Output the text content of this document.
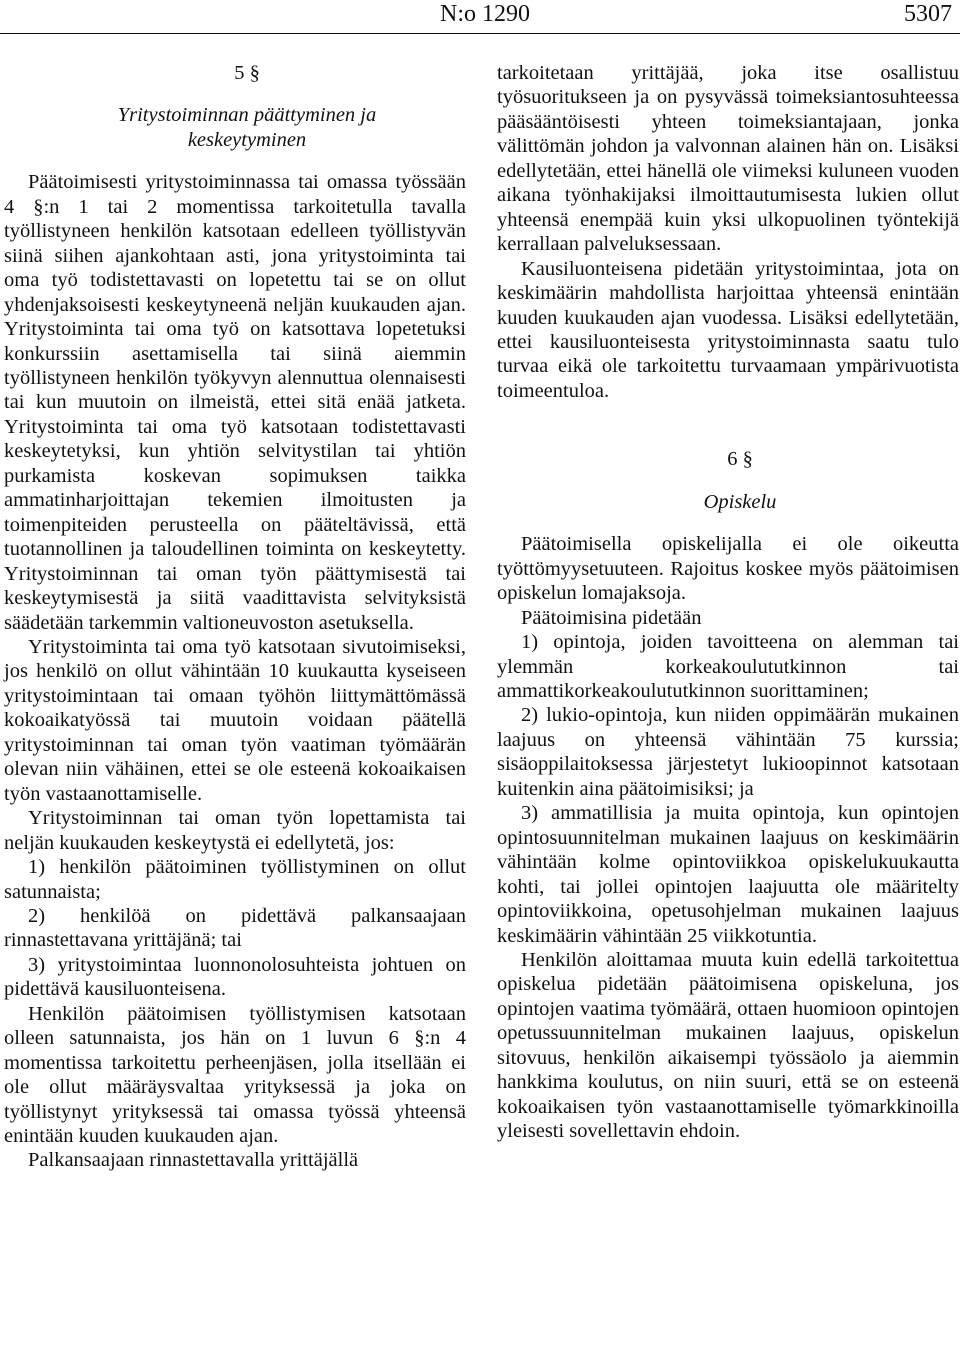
N:o 1290	5307

5 §

Yritystoiminnan päättyminen ja

keskeytyminen

Päätoimisesti yritystoiminnassa tai omassa työssään 4 §:n 1 tai 2 momentissa tarkoitetulla tavalla työllistyneen henkilön katsotaan edelleen työllistyvän siinä siihen ajankohtaan asti, jona yritystoiminta tai oma työ todistettavasti on lopetettu tai se on ollut yhdenjaksoisesti keskeytyneenä neljän kuukauden ajan. Yritystoiminta tai oma työ on katsottava lopetetuksi konkurssiin asettamisella tai siinä aiemmin työllistyneen henkilön työkyvyn alennuttua olennaisesti tai kun muutoin on ilmeistä, ettei sitä enää jatketa. Yritystoiminta tai oma työ katsotaan todistettavasti keskeytetyksi, kun yhtiön selvitystilan tai yhtiön purkamista koskevan sopimuksen taikka ammatinharjoittajan tekemien ilmoitusten ja toimenpiteiden perusteella on pääteltävissä, että tuotannollinen ja taloudellinen toiminta on keskeytetty. Yritystoiminnan tai oman työn päättymisestä tai keskeytymisestä ja siitä vaadittavista selvityksistä säädetään tarkemmin valtioneuvoston asetuksella.

Yritystoiminta tai oma työ katsotaan sivutoimiseksi, jos henkilö on ollut vähintään 10 kuukautta kyseiseen yritystoimintaan tai omaan työhön liittymättömässä kokoaikatyössä tai muutoin voidaan päätellä yritystoiminnan tai oman työn vaatiman työmäärän olevan niin vähäinen, ettei se ole esteenä kokoaikaisen työn vastaanottamiselle.

Yritystoiminnan tai oman työn lopettamista tai neljän kuukauden keskeytystä ei edellytetä, jos:

1) henkilön päätoiminen työllistyminen on ollut satunnaista;

2) henkilöä on pidettävä palkansaajaan rinnastettavana yrittäjänä; tai

3) yritystoimintaa luonnonolosuhteista johtuen on pidettävä kausiluonteisena.

Henkilön päätoimisen työllistymisen katsotaan olleen satunnaista, jos hän on 1 luvun 6 §:n 4 momentissa tarkoitettu perheenjäsen, jolla itsellään ei ole ollut määräysvaltaa yrityksessä ja joka on työllistynyt yrityksessä tai omassa työssä yhteensä enintään kuuden kuukauden ajan.

Palkansaajaan rinnastettavalla yrittäjällä

tarkoitetaan yrittäjää, joka itse osallistuu työsuoritukseen ja on pysyvässä toimeksiantosuhteessa pääsääntöisesti yhteen toimeksiantajaan, jonka välittömän johdon ja valvonnan alainen hän on. Lisäksi edellytetään, ettei hänellä ole viimeksi kuluneen vuoden aikana työnhakijaksi ilmoittautumisesta lukien ollut yhteensä enempää kuin yksi ulkopuolinen työntekijä kerrallaan palveluksessaan.

Kausiluonteisena pidetään yritystoimintaa, jota on keskimäärin mahdollista harjoittaa yhteensä enintään kuuden kuukauden ajan vuodessa. Lisäksi edellytetään, ettei kausiluonteisesta yritystoiminnasta saatu tulo turvaa eikä ole tarkoitettu turvaamaan ympärivuotista toimeentuloa.

6 §

Opiskelu

Päätoimisella opiskelijalla ei ole oikeutta työttömyysetuuteen. Rajoitus koskee myös päätoimisen opiskelun lomajaksoja.

Päätoimisina pidetään

1) opintoja, joiden tavoitteena on alemman tai ylemmän korkeakoulututkinnon tai ammattikorkeakoulututkinnon suorittaminen;

2) lukio-opintoja, kun niiden oppimäärän mukainen laajuus on yhteensä vähintään 75 kurssia; sisäoppilaitoksessa järjestetyt lukioopinnot katsotaan kuitenkin aina päätoimisiksi; ja

3) ammatillisia ja muita opintoja, kun opintojen opintosuunnitelman mukainen laajuus on keskimäärin vähintään kolme opintoviikkoa opiskelukuukautta kohti, tai jollei opintojen laajuutta ole määritelty opintoviikkoina, opetusohjelman mukainen laajuus keskimäärin vähintään 25 viikkotuntia.

Henkilön aloittamaa muuta kuin edellä tarkoitettua opiskelua pidetään päätoimisena opiskeluna, jos opintojen vaatima työmäärä, ottaen huomioon opintojen opetussuunnitelman mukainen laajuus, opiskelun sitovuus, henkilön aikaisempi työssäolo ja aiemmin hankkima koulutus, on niin suuri, että se on esteenä kokoaikaisen työn vastaanottamiselle työmarkkinoilla yleisesti sovellettavin ehdoin.
